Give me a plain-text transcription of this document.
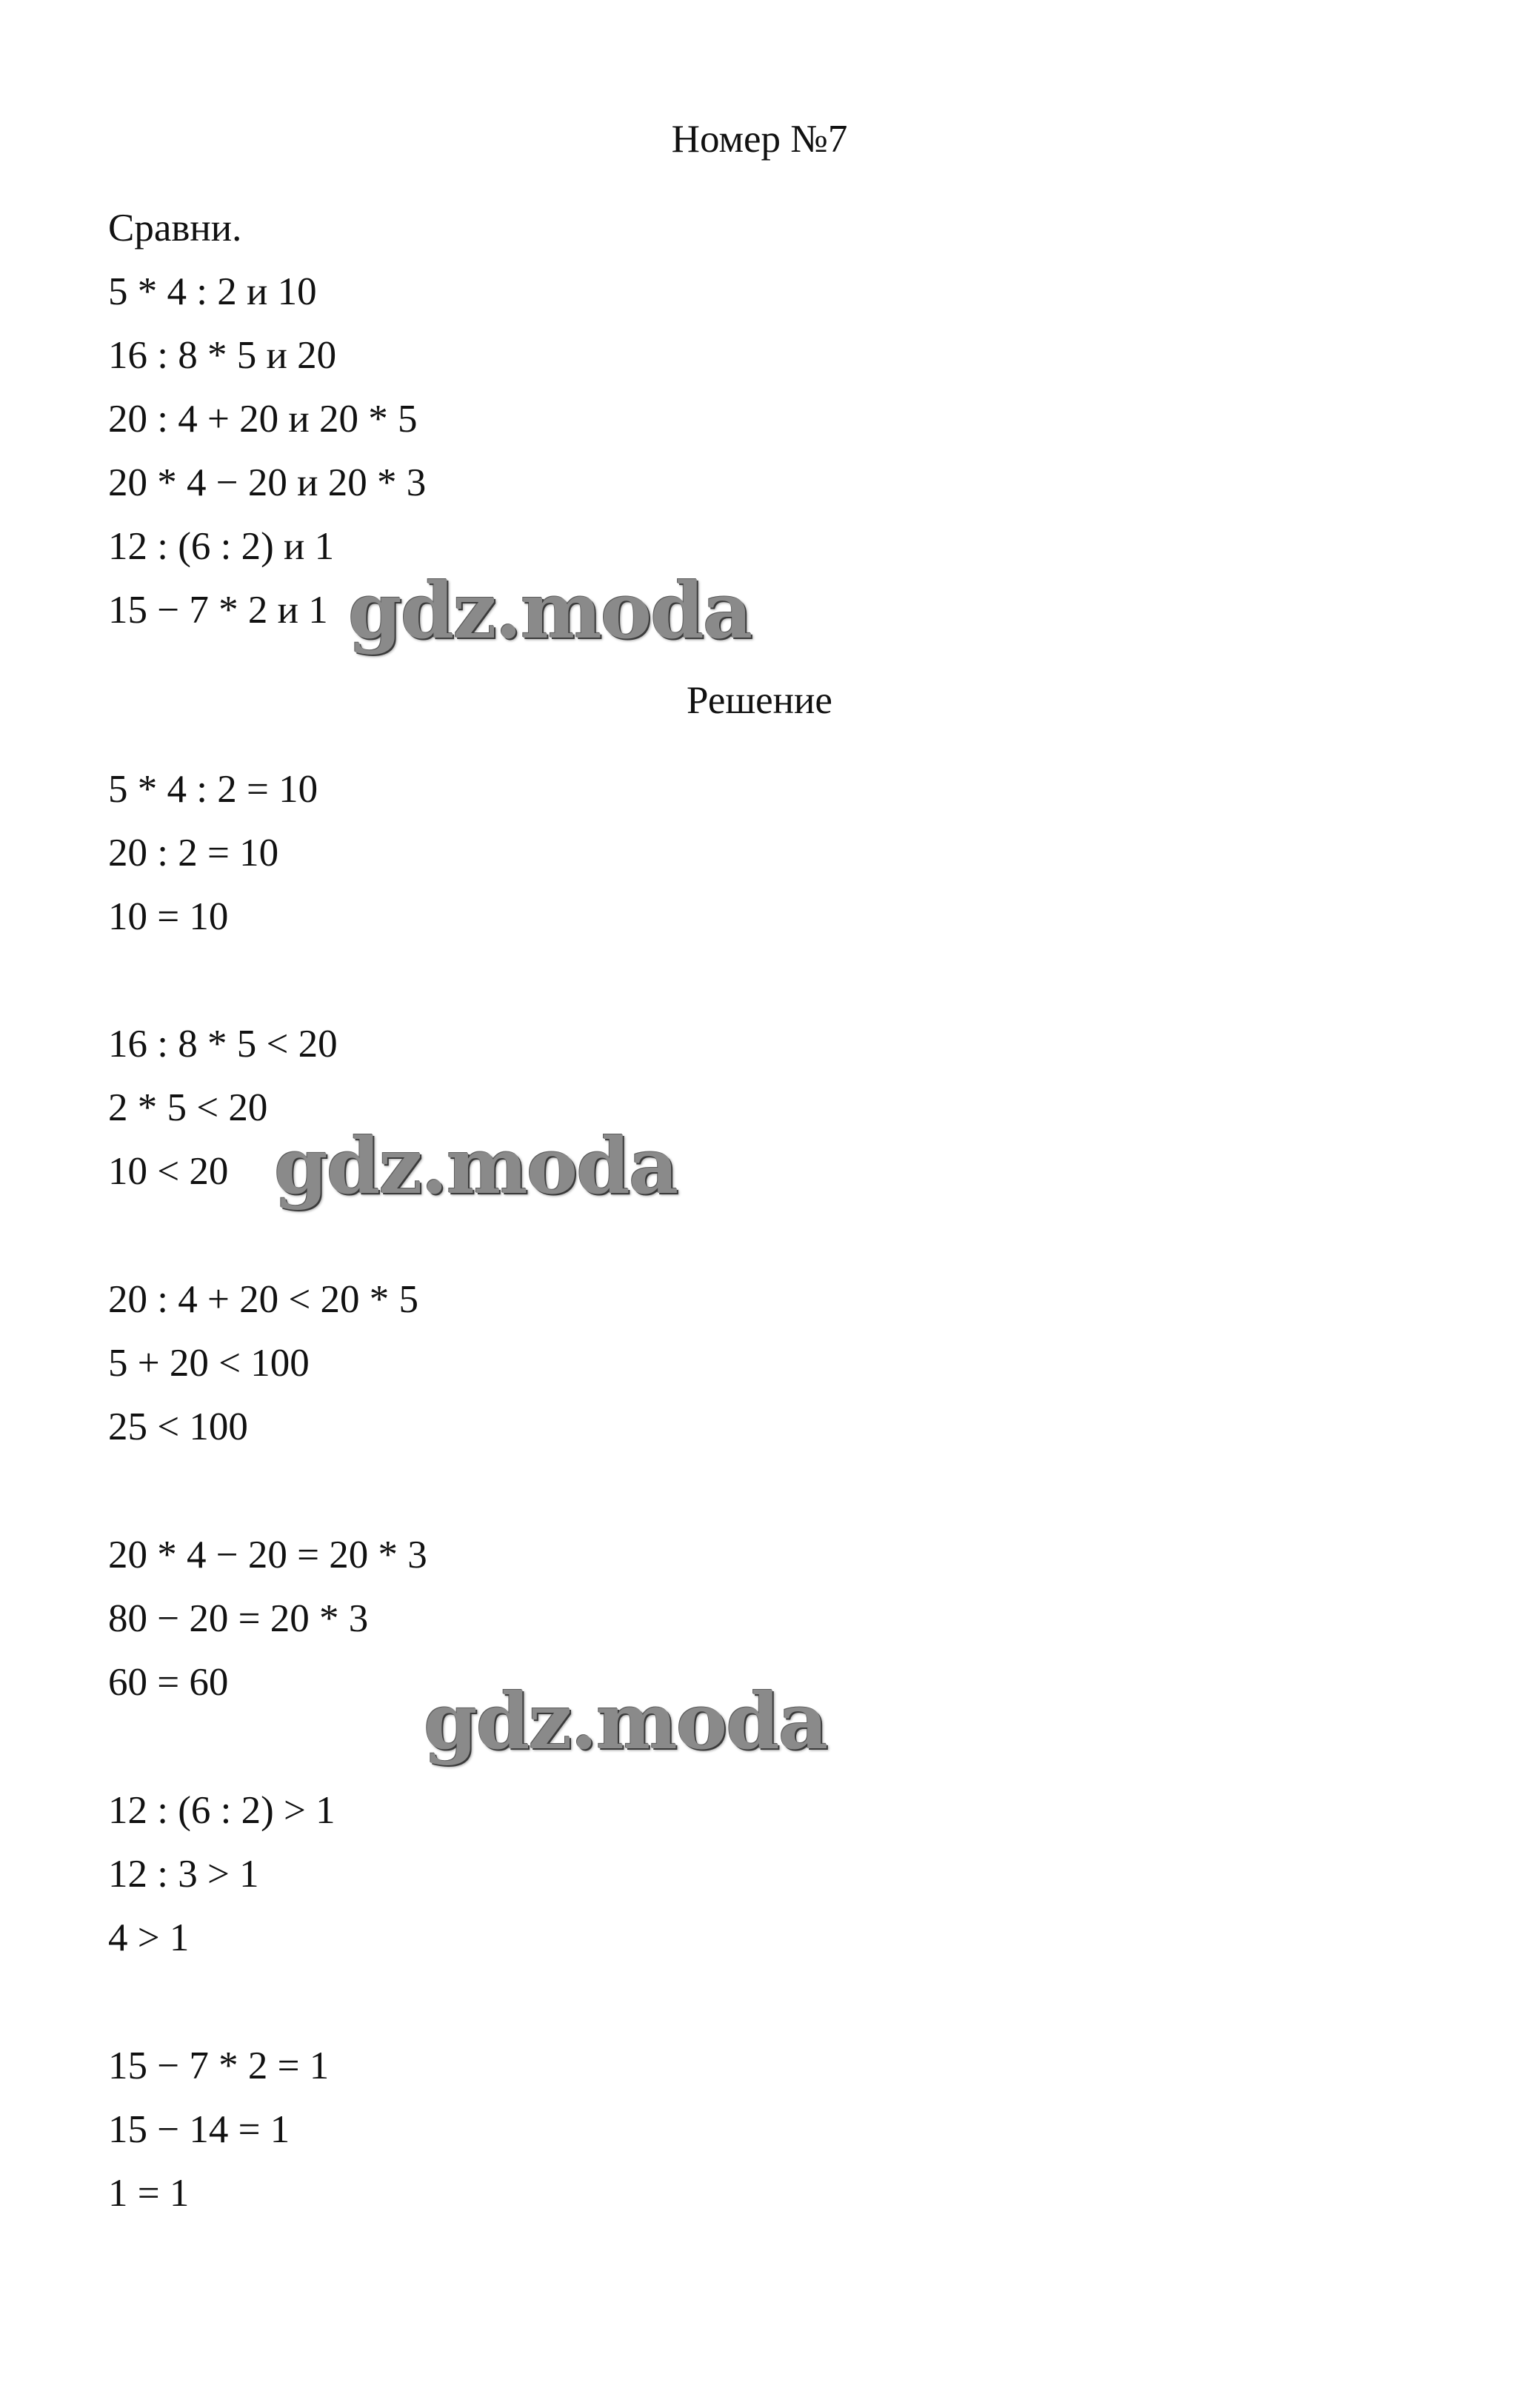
Номер №7
Сравни.
5 * 4 : 2 и 10
16 : 8 * 5 и 20
20 : 4 + 20 и 20 * 5
20 * 4 − 20 и 20 * 3
12 : (6 : 2) и 1
15 − 7 * 2 и 1
Решение
5 * 4 : 2 = 10
20 : 2 = 10
10 = 10
16 : 8 * 5 < 20
2 * 5 < 20
10 < 20
20 : 4 + 20 < 20 * 5
5 + 20 < 100
25 < 100
20 * 4 − 20 = 20 * 3
80 − 20 = 20 * 3
60 = 60
12 : (6 : 2) > 1
12 : 3 > 1
4 > 1
15 − 7 * 2 = 1
15 − 14 = 1
1 = 1
gdz.moda
gdz.moda
gdz.moda
